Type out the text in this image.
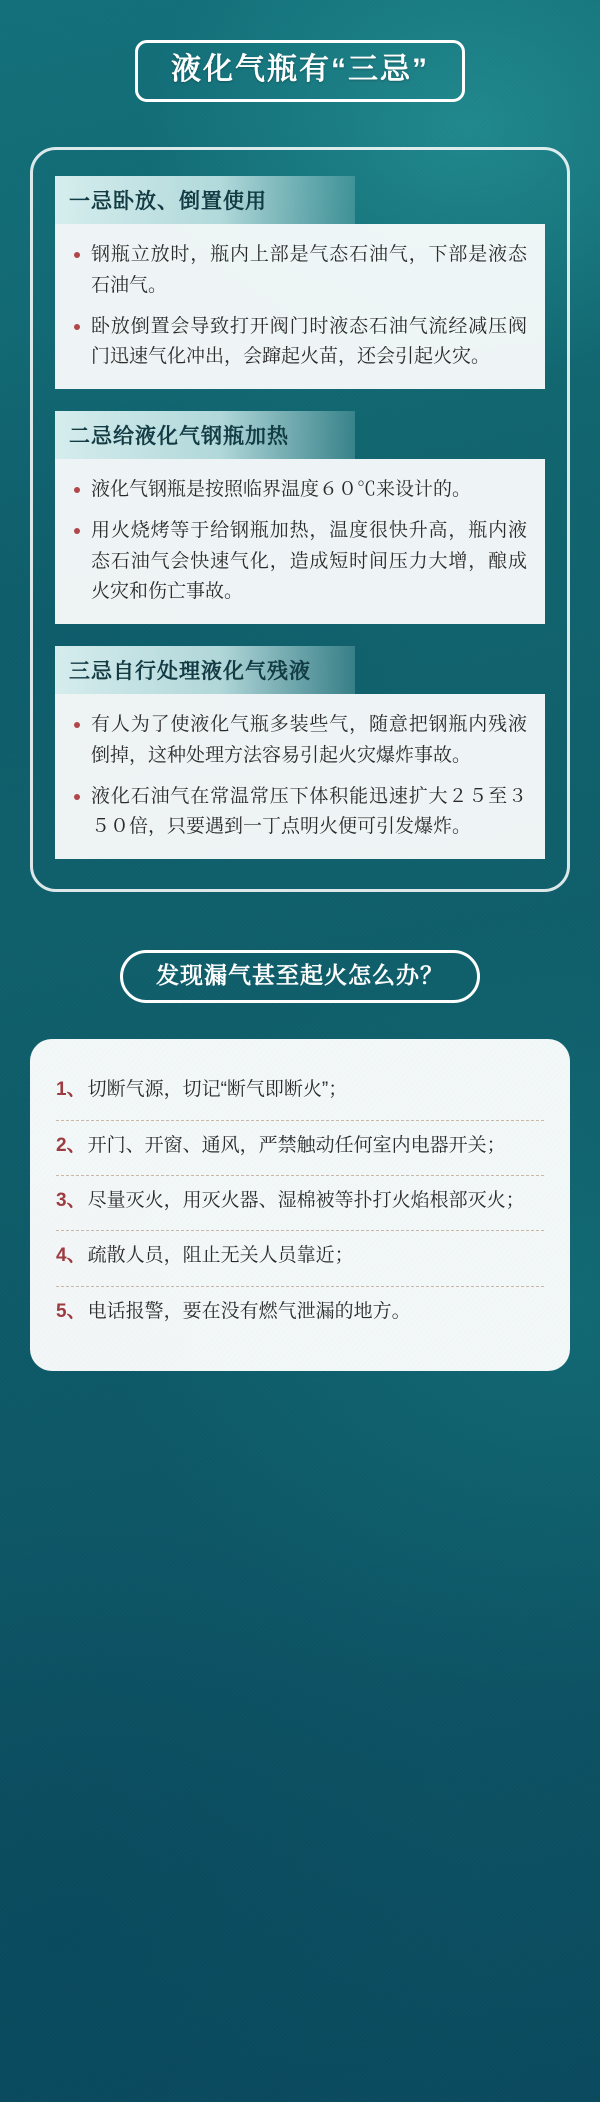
液化气瓶有“三忌”
一忌卧放、倒置使用
钢瓶立放时，瓶内上部是气态石油气，下部是液态石油气。
卧放倒置会导致打开阀门时液态石油气流经减压阀门迅速气化冲出，会蹿起火苗，还会引起火灾。
二忌给液化气钢瓶加热
液化气钢瓶是按照临界温度６０℃来设计的。
用火烧烤等于给钢瓶加热，温度很快升高，瓶内液态石油气会快速气化，造成短时间压力大增，酿成火灾和伤亡事故。
三忌自行处理液化气残液
有人为了使液化气瓶多装些气，随意把钢瓶内残液倒掉，这种处理方法容易引起火灾爆炸事故。
液化石油气在常温常压下体积能迅速扩大２５至３５０倍，只要遇到一丁点明火便可引发爆炸。
发现漏气甚至起火怎么办？
1、 切断气源，切记“断气即断火”；
2、 开门、开窗、通风，严禁触动任何室内电器开关；
3、 尽量灭火，用灭火器、湿棉被等扑打火焰根部灭火；
4、 疏散人员，阻止无关人员靠近；
5、 电话报警，要在没有燃气泄漏的地方。
